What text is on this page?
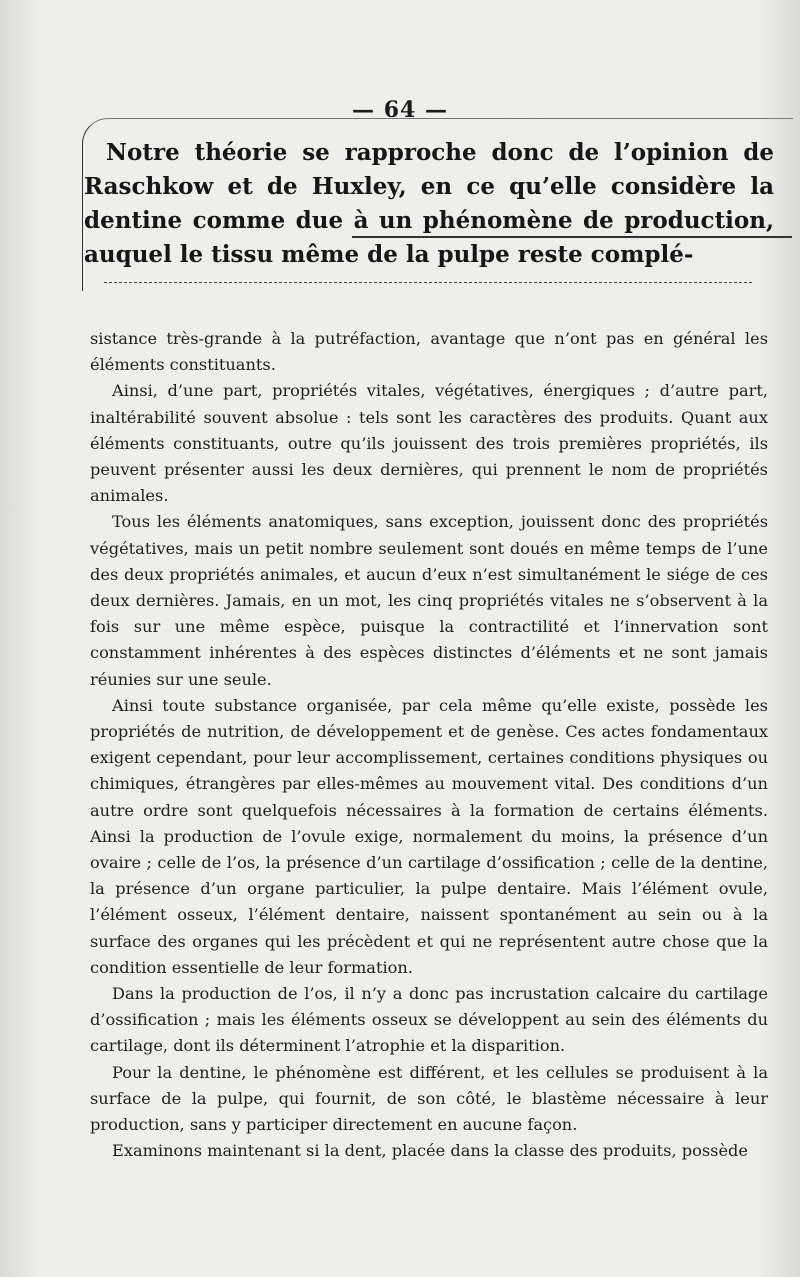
— 64 —

Notre théorie se rapproche donc de l’opinion de Raschkow et de Huxley, en ce qu’elle considère la dentine comme due à un phénomène de production, auquel le tissu même de la pulpe reste complé-

sistance très-grande à la putréfaction, avantage que n’ont pas en général les éléments constituants.

Ainsi, d’une part, propriétés vitales, végétatives, énergiques ; d’autre part, inaltérabilité souvent absolue : tels sont les caractères des produits. Quant aux éléments constituants, outre qu’ils jouissent des trois premières propriétés, ils peuvent présenter aussi les deux dernières, qui prennent le nom de propriétés animales.

Tous les éléments anatomiques, sans exception, jouissent donc des propriétés végétatives, mais un petit nombre seulement sont doués en même temps de l’une des deux propriétés animales, et aucun d’eux n’est simultanément le siége de ces deux dernières. Jamais, en un mot, les cinq propriétés vitales ne s’observent à la fois sur une même espèce, puisque la contractilité et l’innervation sont constamment inhérentes à des espèces distinctes d’éléments et ne sont jamais réunies sur une seule.

Ainsi toute substance organisée, par cela même qu’elle existe, possède les propriétés de nutrition, de développement et de genèse. Ces actes fondamentaux exigent cependant, pour leur accomplissement, certaines conditions physiques ou chimiques, étrangères par elles-mêmes au mouvement vital. Des conditions d’un autre ordre sont quelquefois nécessaires à la formation de certains éléments. Ainsi la production de l’ovule exige, normalement du moins, la présence d’un ovaire ; celle de l’os, la présence d’un cartilage d’ossification ; celle de la dentine, la présence d’un organe particulier, la pulpe dentaire. Mais l’élément ovule, l’élément osseux, l’élément dentaire, naissent spontanément au sein ou à la surface des organes qui les précèdent et qui ne représentent autre chose que la condition essentielle de leur formation.

Dans la production de l’os, il n’y a donc pas incrustation calcaire du cartilage d’ossification ; mais les éléments osseux se développent au sein des éléments du cartilage, dont ils déterminent l’atrophie et la disparition.

Pour la dentine, le phénomène est différent, et les cellules se produisent à la surface de la pulpe, qui fournit, de son côté, le blastème nécessaire à leur production, sans y participer directement en aucune façon.

Examinons maintenant si la dent, placée dans la classe des produits, possède
